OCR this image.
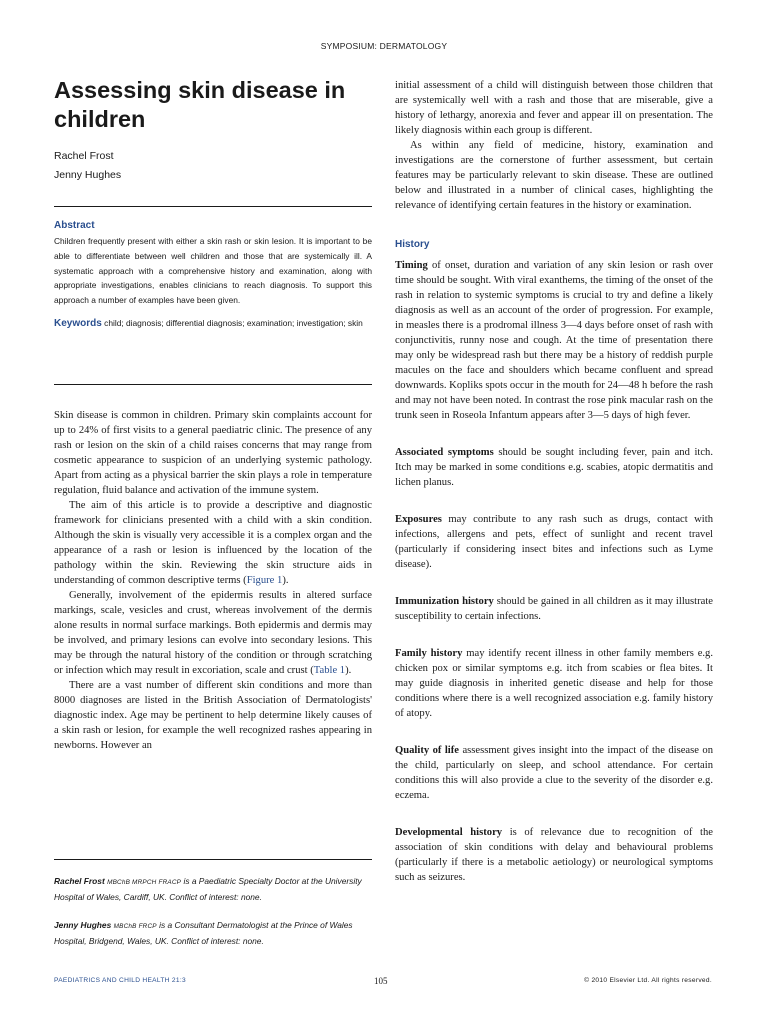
SYMPOSIUM: DERMATOLOGY
Assessing skin disease in children
Rachel Frost
Jenny Hughes
Abstract
Children frequently present with either a skin rash or skin lesion. It is important to be able to differentiate between well children and those that are systemically ill. A systematic approach with a comprehensive history and examination, along with appropriate investigations, enables clinicians to reach diagnosis. To support this approach a number of examples have been given.
Keywords child; diagnosis; differential diagnosis; examination; investigation; skin

Skin disease is common in children. Primary skin complaints account for up to 24% of first visits to a general paediatric clinic. The presence of any rash or lesion on the skin of a child raises concerns that may range from cosmetic appearance to suspicion of an underlying systemic pathology. Apart from acting as a physical barrier the skin plays a role in temperature regulation, fluid balance and activation of the immune system.

The aim of this article is to provide a descriptive and diagnostic framework for clinicians presented with a child with a skin condition. Although the skin is visually very accessible it is a complex organ and the appearance of a rash or lesion is influenced by the location of the pathology within the skin. Reviewing the skin structure aids in understanding of common descriptive terms (Figure 1).

Generally, involvement of the epidermis results in altered surface markings, scale, vesicles and crust, whereas involvement of the dermis alone results in normal surface markings. Both epidermis and dermis may be involved, and primary lesions can evolve into secondary lesions. This may be through the natural history of the condition or through scratching or infection which may result in excoriation, scale and crust (Table 1).

There are a vast number of different skin conditions and more than 8000 diagnoses are listed in the British Association of Dermatologists' diagnostic index. Age may be pertinent to help determine likely causes of a skin rash or lesion, for example the well recognized rashes appearing in newborns. However an

Rachel Frost MBChB MRPCH FRACP is a Paediatric Specialty Doctor at the University Hospital of Wales, Cardiff, UK. Conflict of interest: none.

Jenny Hughes MBChB FRCP is a Consultant Dermatologist at the Prince of Wales Hospital, Bridgend, Wales, UK. Conflict of interest: none.

initial assessment of a child will distinguish between those children that are systemically well with a rash and those that are miserable, give a history of lethargy, anorexia and fever and appear ill on presentation. The likely diagnosis within each group is different.

As within any field of medicine, history, examination and investigations are the cornerstone of further assessment, but certain features may be particularly relevant to skin disease. These are outlined below and illustrated in a number of clinical cases, highlighting the relevance of identifying certain features in the history or examination.

History

Timing of onset, duration and variation of any skin lesion or rash over time should be sought. With viral exanthems, the timing of the onset of the rash in relation to systemic symptoms is crucial to try and define a likely diagnosis as well as an account of the order of progression. For example, in measles there is a prodromal illness 3—4 days before onset of rash with conjunctivitis, runny nose and cough. At the time of presentation there may only be widespread rash but there may be a history of reddish purple macules on the face and shoulders which became confluent and spread downwards. Kopliks spots occur in the mouth for 24—48 h before the rash and may not have been noted. In contrast the rose pink macular rash on the trunk seen in Roseola Infantum appears after 3—5 days of high fever.

Associated symptoms should be sought including fever, pain and itch. Itch may be marked in some conditions e.g. scabies, atopic dermatitis and lichen planus.

Exposures may contribute to any rash such as drugs, contact with infections, allergens and pets, effect of sunlight and recent travel (particularly if considering insect bites and infections such as Lyme disease).

Immunization history should be gained in all children as it may illustrate susceptibility to certain infections.

Family history may identify recent illness in other family members e.g. chicken pox or similar symptoms e.g. itch from scabies or flea bites. It may guide diagnosis in inherited genetic disease and help for those conditions where there is a well recognized association e.g. family history of atopy.

Quality of life assessment gives insight into the impact of the disease on the child, particularly on sleep, and school attendance. For certain conditions this will also provide a clue to the severity of the disorder e.g. eczema.

Developmental history is of relevance due to recognition of the association of skin conditions with delay and behavioural problems (particularly if there is a metabolic aetiology) or neurological symptoms such as seizures.

PAEDIATRICS AND CHILD HEALTH 21:3	105	© 2010 Elsevier Ltd. All rights reserved.
